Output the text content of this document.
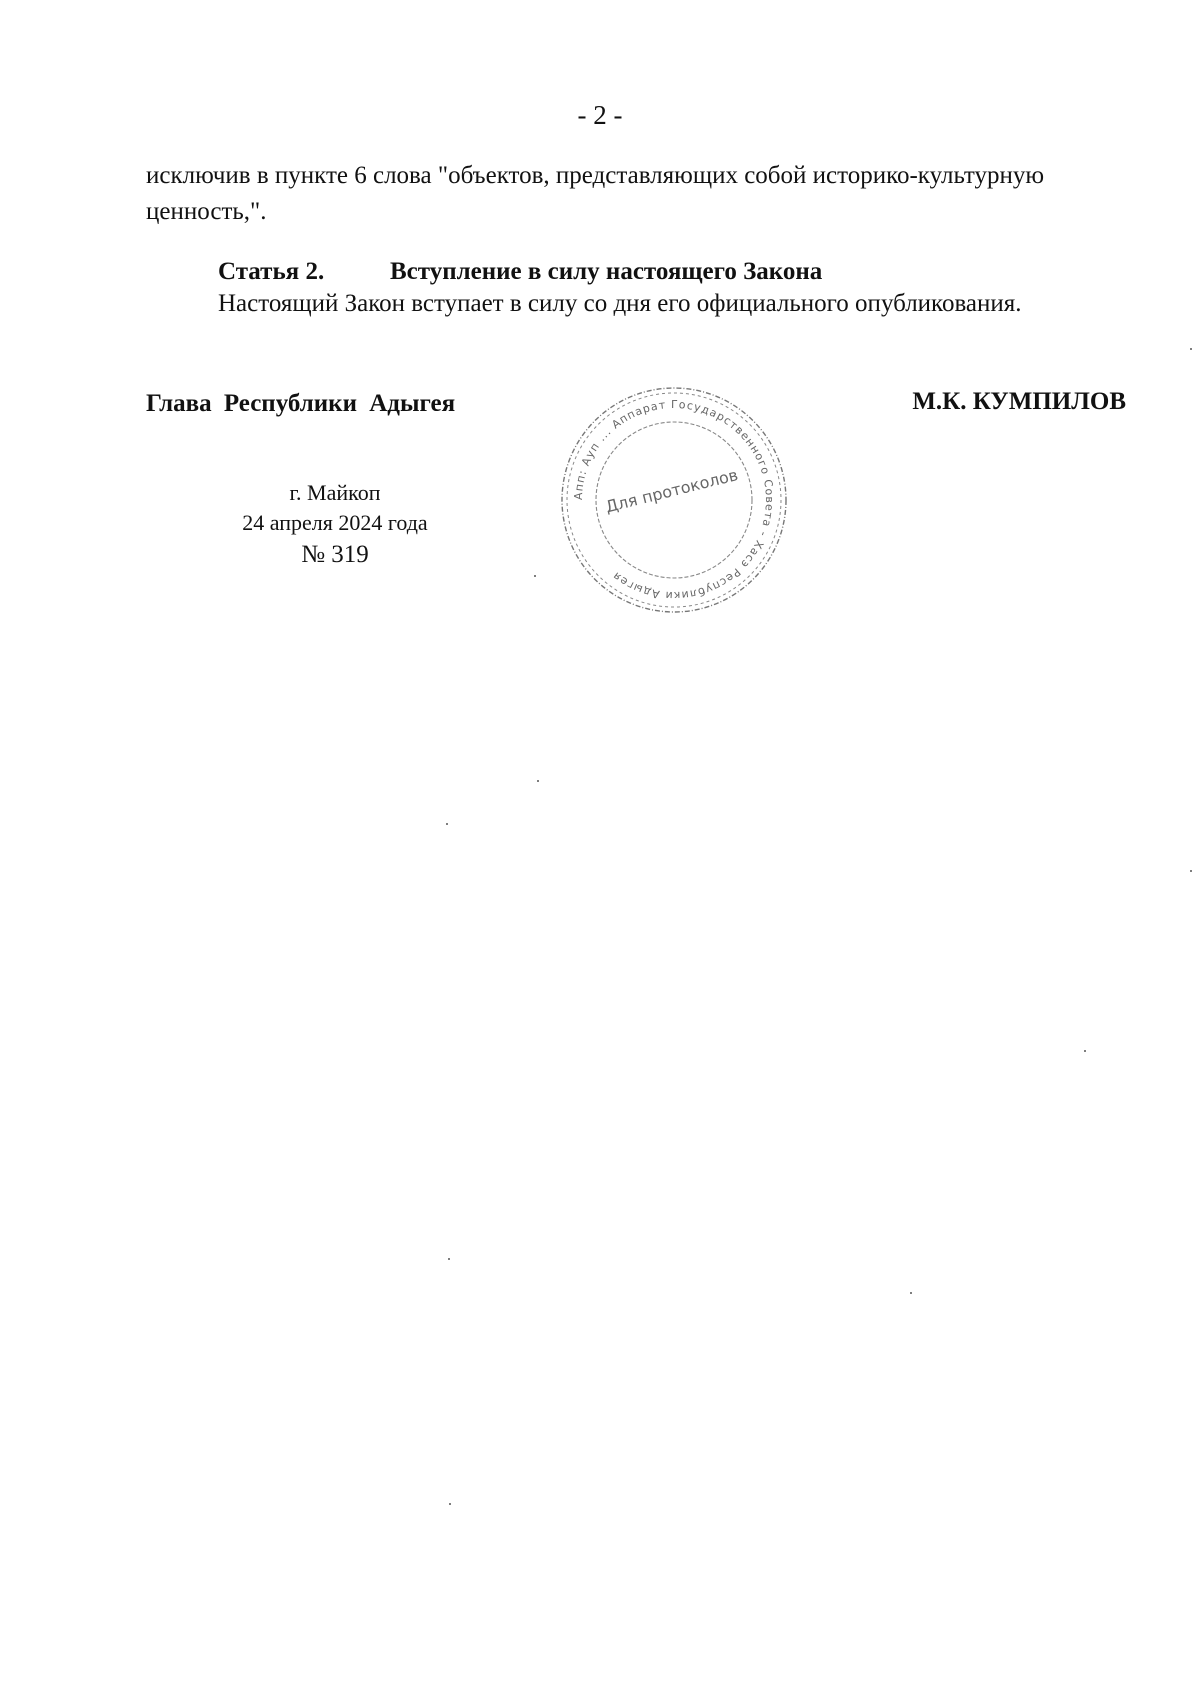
- 2 -
исключив в пункте 6 слова "объектов, представляющих собой историко-культурную ценность,".
Статья 2.	Вступление в силу настоящего Закона
Настоящий Закон вступает в силу со дня его официального опубликования.
Глава Республики Адыгея	М.К. КУМПИЛОВ
г. Майкоп
24 апреля 2024 года
№ 319
Апп: Ауп ... Аппарат Государственного Совета - Хасэ Республики Адыгея
Для протоколов
